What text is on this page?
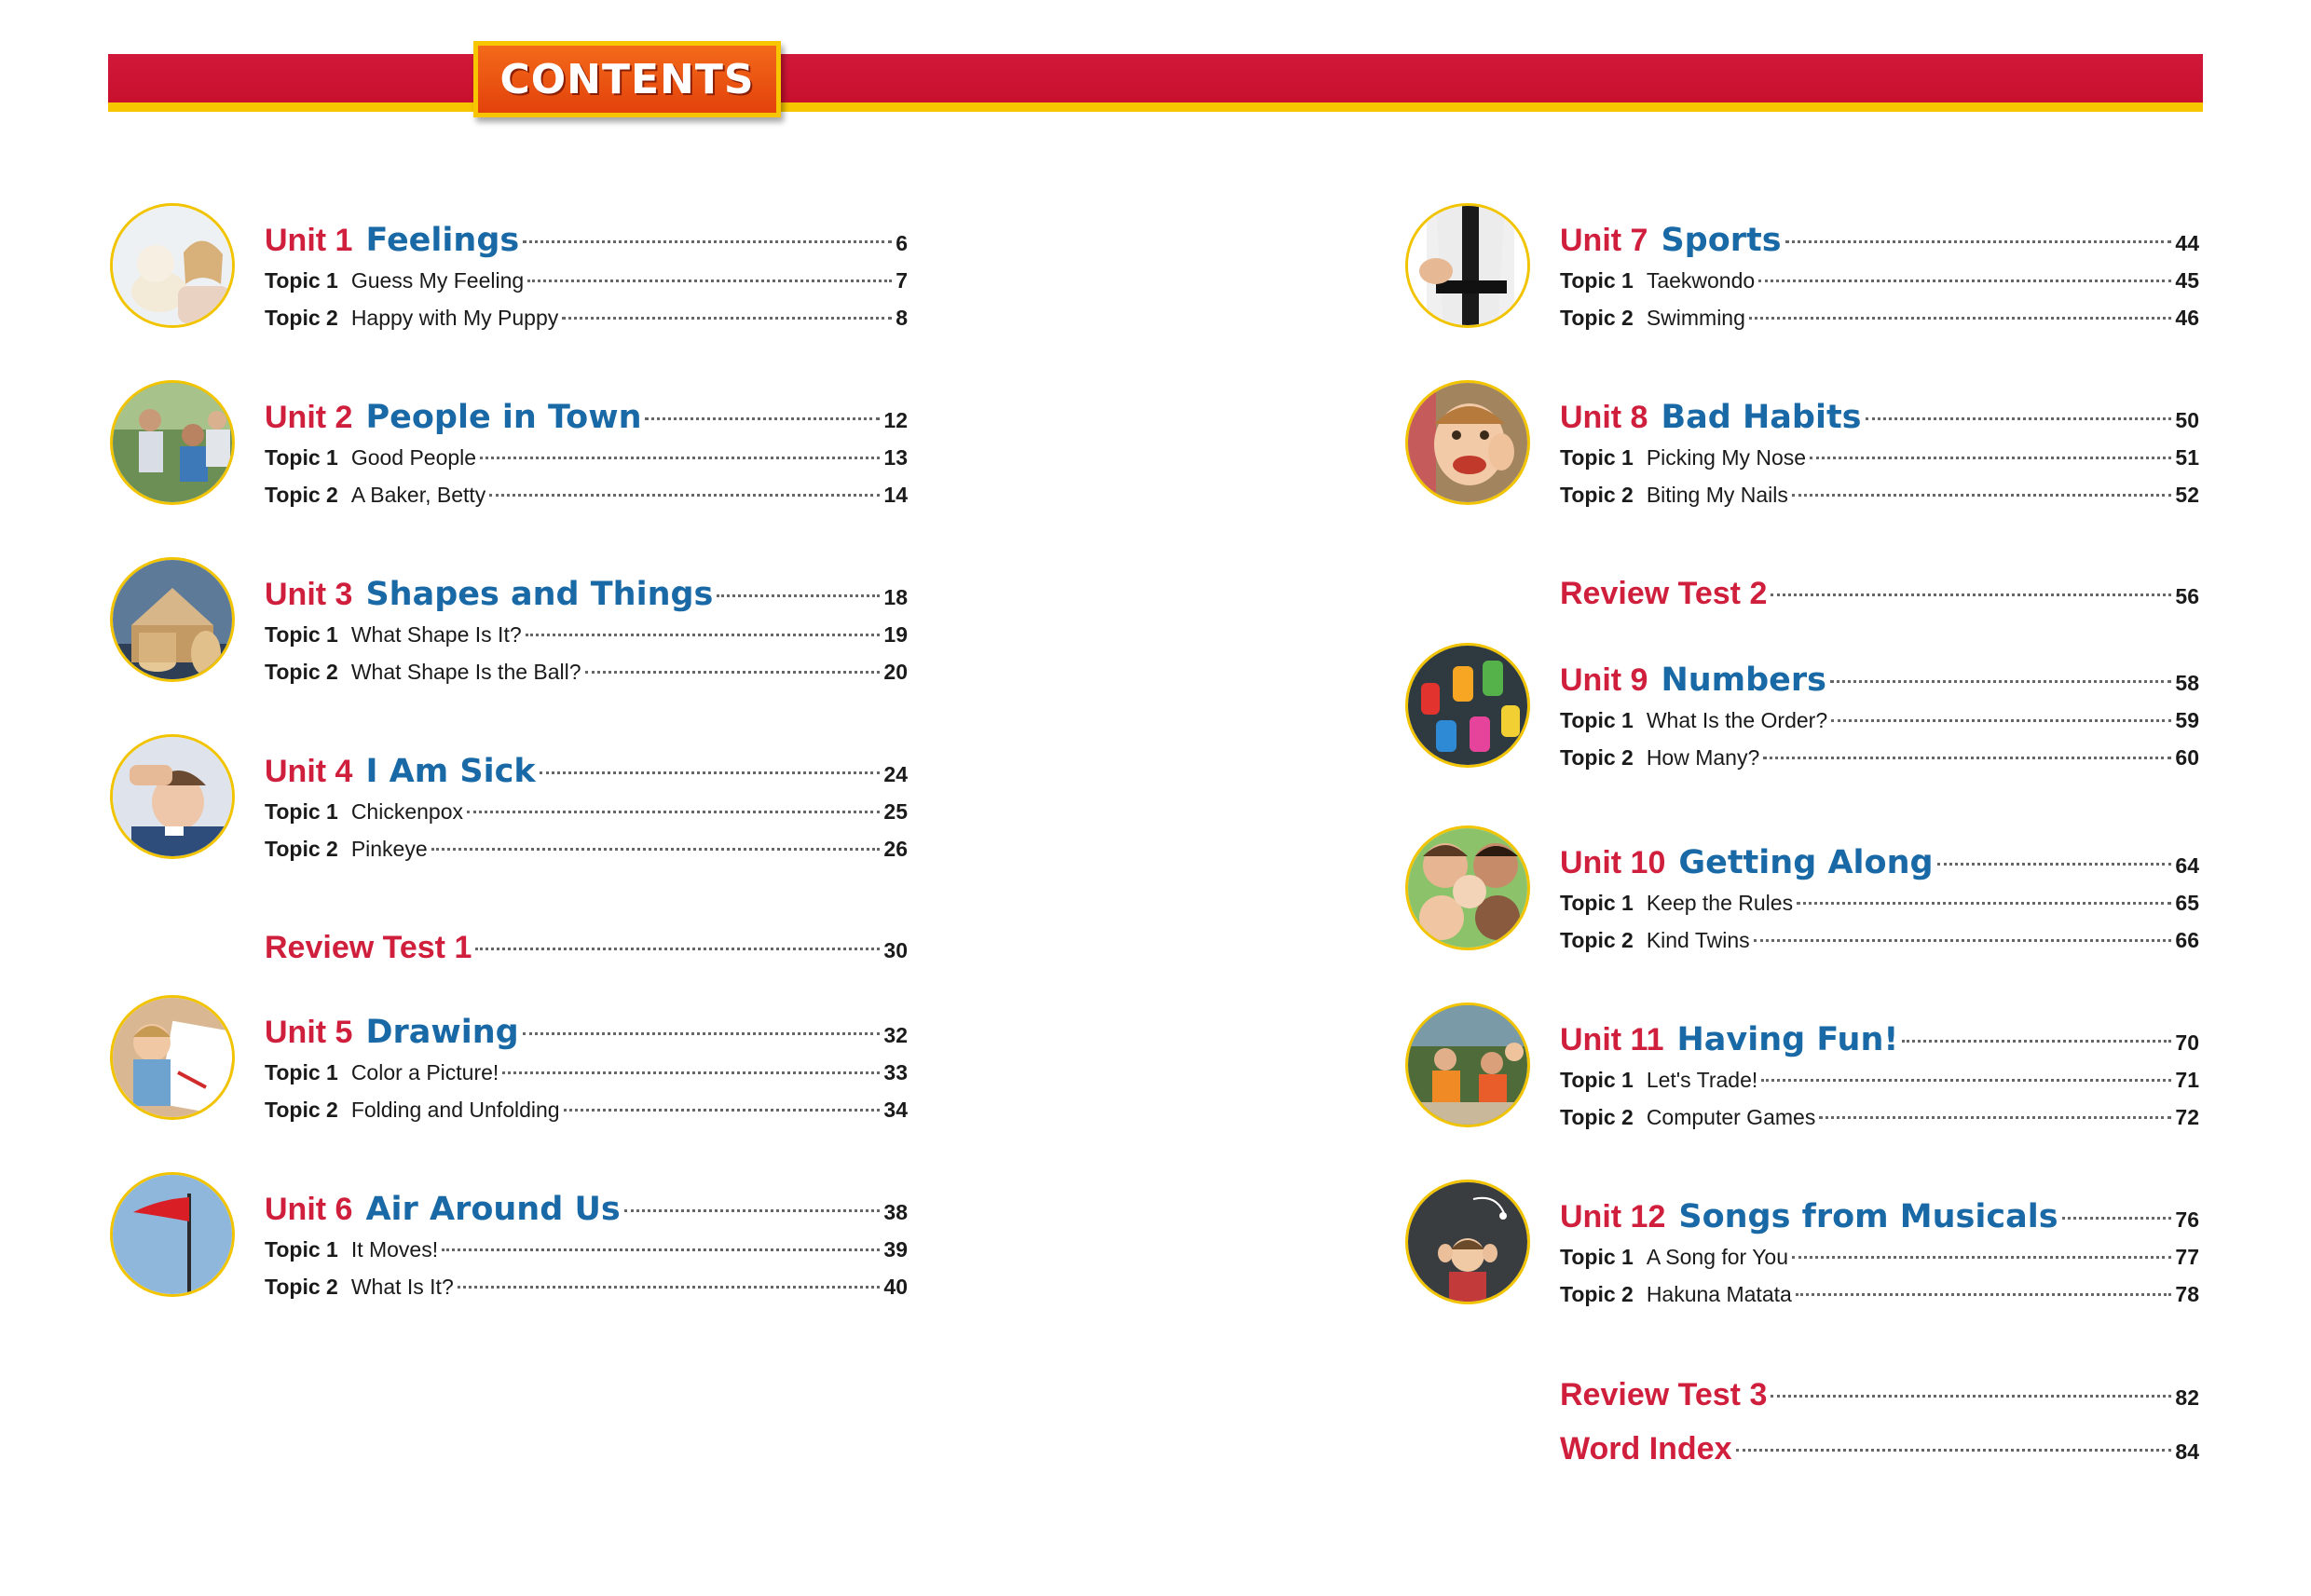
CONTENTS
Unit 1 Feelings	6
Topic 1 Guess My Feeling	7
Topic 2 Happy with My Puppy	8
Unit 2 People in Town	12
Topic 1 Good People	13
Topic 2 A Baker, Betty	14
Unit 3 Shapes and Things	18
Topic 1 What Shape Is It?	19
Topic 2 What Shape Is the Ball?	20
Unit 4 I Am Sick	24
Topic 1 Chickenpox	25
Topic 2 Pinkeye	26
Review Test 1	30
Unit 5 Drawing	32
Topic 1 Color a Picture!	33
Topic 2 Folding and Unfolding	34
Unit 6 Air Around Us	38
Topic 1 It Moves!	39
Topic 2 What Is It?	40
Unit 7 Sports	44
Topic 1 Taekwondo	45
Topic 2 Swimming	46
Unit 8 Bad Habits	50
Topic 1 Picking My Nose	51
Topic 2 Biting My Nails	52
Review Test 2	56
Unit 9 Numbers	58
Topic 1 What Is the Order?	59
Topic 2 How Many?	60
Unit 10 Getting Along	64
Topic 1 Keep the Rules	65
Topic 2 Kind Twins	66
Unit 11 Having Fun!	70
Topic 1 Let's Trade!	71
Topic 2 Computer Games	72
Unit 12 Songs from Musicals	76
Topic 1 A Song for You	77
Topic 2 Hakuna Matata	78
Review Test 3	82
Word Index	84
